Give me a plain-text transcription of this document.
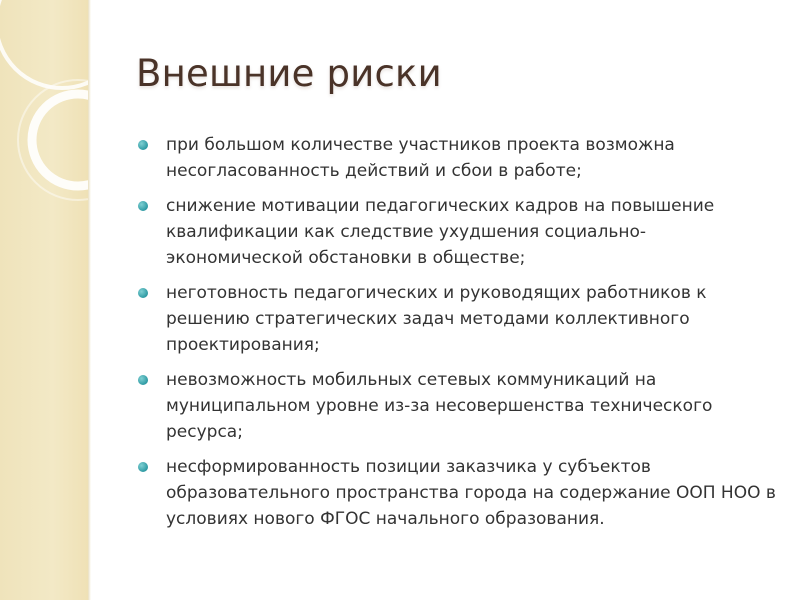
Внешние риски
при большом количестве участников проекта возможна несогласованность действий и сбои в работе;
снижение мотивации педагогических кадров на повышение квалификации как следствие ухудшения социально-экономической обстановки в обществе;
неготовность педагогических и руководящих работников к решению стратегических задач методами коллективного проектирования;
невозможность мобильных сетевых коммуникаций на муниципальном уровне из-за несовершенства технического ресурса;
несформированность позиции заказчика у субъектов образовательного пространства города на содержание ООП НОО в условиях нового ФГОС начального образования.
